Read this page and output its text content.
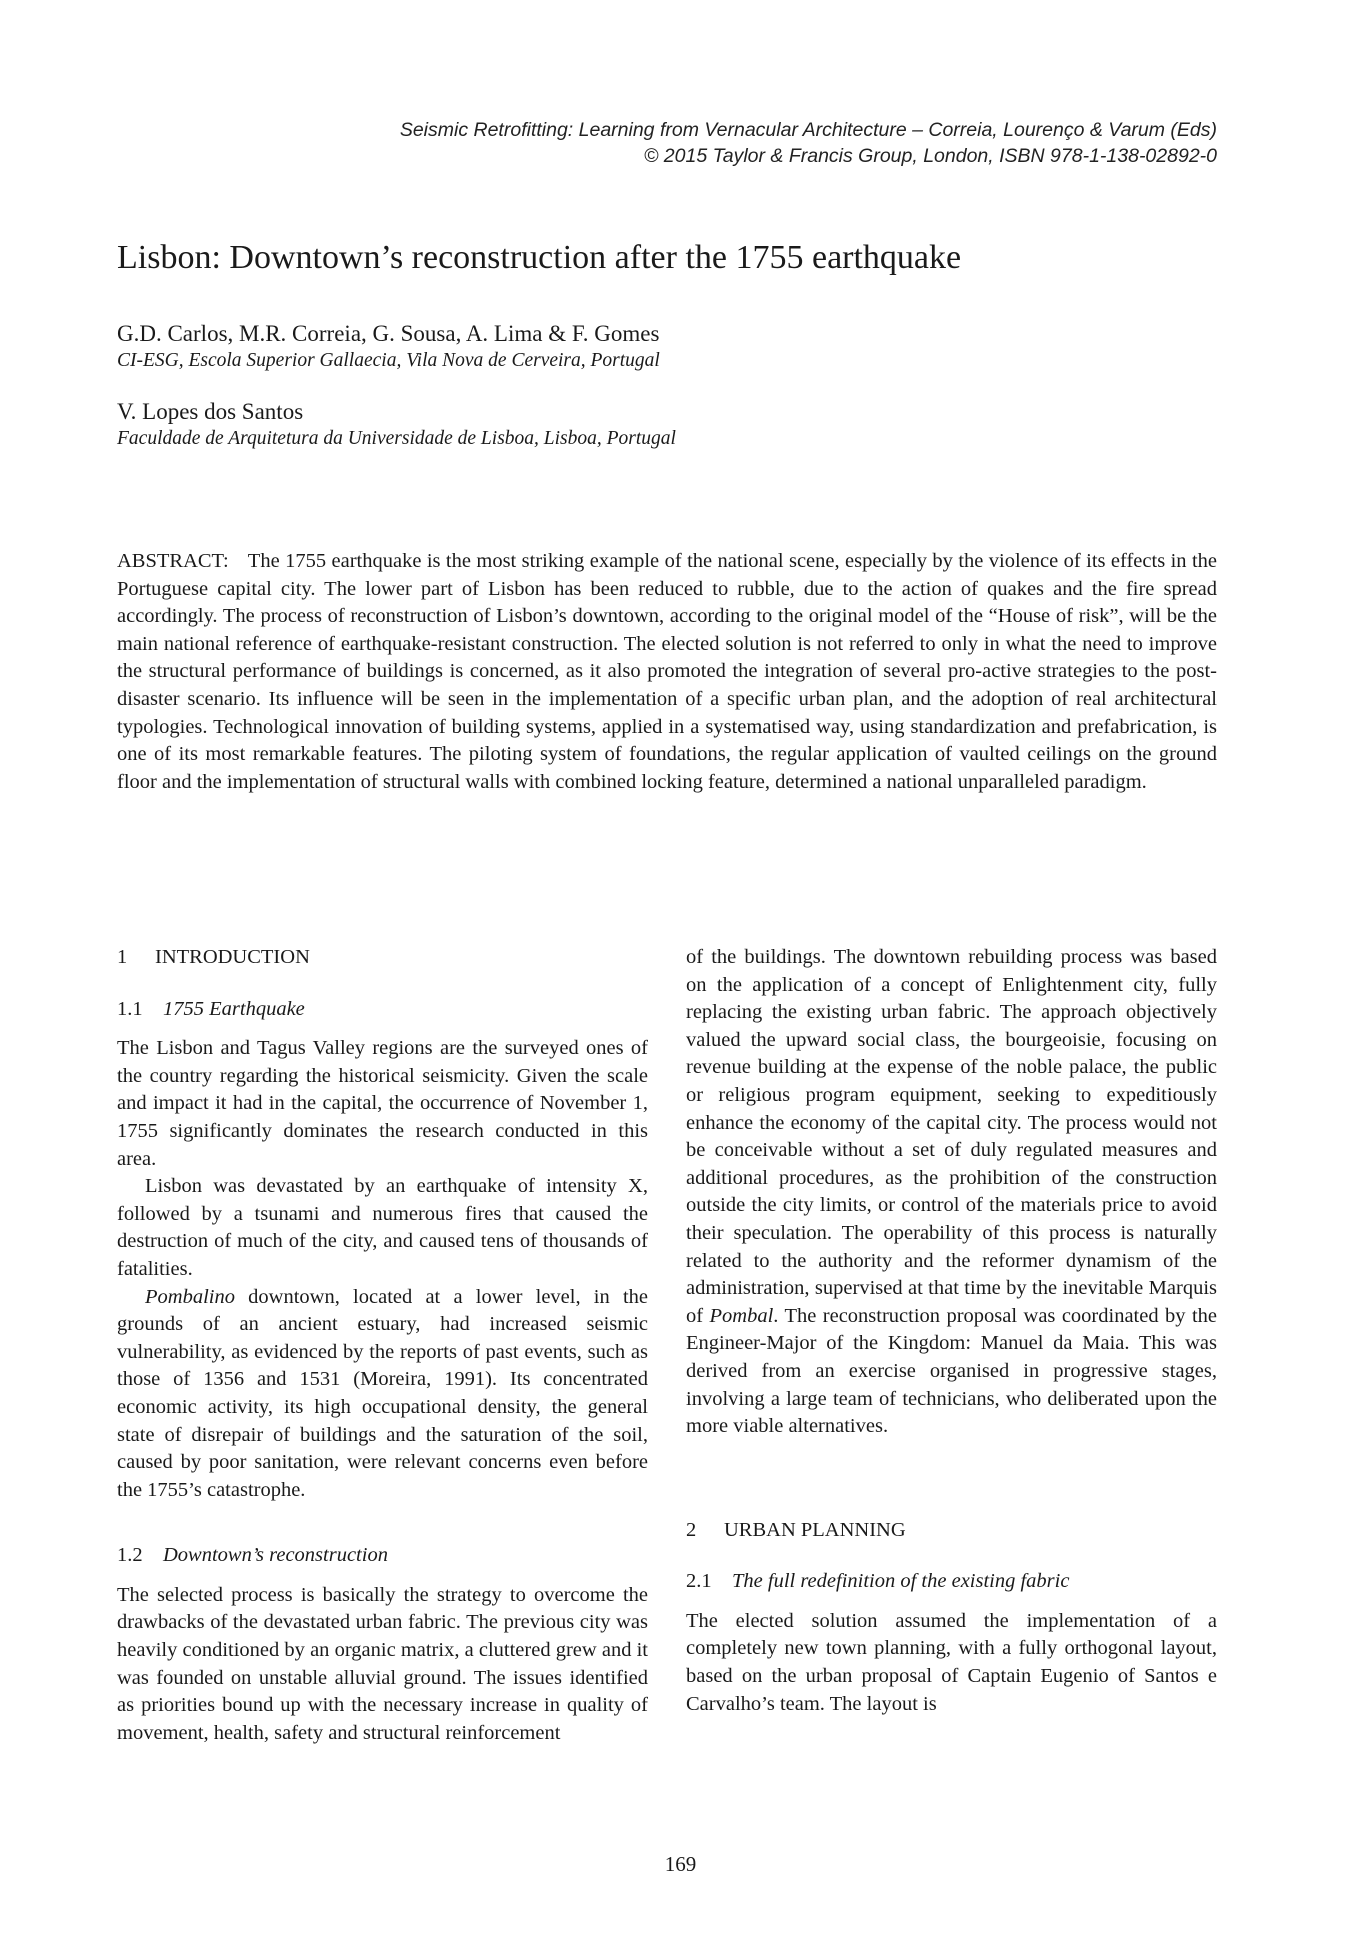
Seismic Retrofitting: Learning from Vernacular Architecture – Correia, Lourenço & Varum (Eds)
© 2015 Taylor & Francis Group, London, ISBN 978-1-138-02892-0
Lisbon: Downtown’s reconstruction after the 1755 earthquake
G.D. Carlos, M.R. Correia, G. Sousa, A. Lima & F. Gomes
CI-ESG, Escola Superior Gallaecia, Vila Nova de Cerveira, Portugal
V. Lopes dos Santos
Faculdade de Arquitetura da Universidade de Lisboa, Lisboa, Portugal
ABSTRACT: The 1755 earthquake is the most striking example of the national scene, especially by the violence of its effects in the Portuguese capital city. The lower part of Lisbon has been reduced to rubble, due to the action of quakes and the fire spread accordingly. The process of reconstruction of Lisbon’s downtown, according to the original model of the “House of risk”, will be the main national reference of earthquake-resistant construction. The elected solution is not referred to only in what the need to improve the structural performance of buildings is concerned, as it also promoted the integration of several pro-active strategies to the post-disaster scenario. Its influence will be seen in the implementation of a specific urban plan, and the adoption of real architectural typologies. Technological innovation of building systems, applied in a systematised way, using standardization and prefabrication, is one of its most remarkable features. The piloting system of foundations, the regular application of vaulted ceilings on the ground floor and the implementation of structural walls with combined locking feature, determined a national unparalleled paradigm.
1 INTRODUCTION
1.1 1755 Earthquake

The Lisbon and Tagus Valley regions are the surveyed ones of the country regarding the historical seismicity. Given the scale and impact it had in the capital, the occurrence of November 1, 1755 significantly dominates the research conducted in this area.

Lisbon was devastated by an earthquake of intensity X, followed by a tsunami and numerous fires that caused the destruction of much of the city, and caused tens of thousands of fatalities.

Pombalino downtown, located at a lower level, in the grounds of an ancient estuary, had increased seismic vulnerability, as evidenced by the reports of past events, such as those of 1356 and 1531 (Moreira, 1991). Its concentrated economic activity, its high occupational density, the general state of disrepair of buildings and the saturation of the soil, caused by poor sanitation, were relevant concerns even before the 1755’s catastrophe.

1.2 Downtown’s reconstruction

The selected process is basically the strategy to overcome the drawbacks of the devastated urban fabric. The previous city was heavily conditioned by an organic matrix, a cluttered grew and it was founded on unstable alluvial ground. The issues identified as priorities bound up with the necessary increase in quality of movement, health, safety and structural reinforcement

of the buildings. The downtown rebuilding process was based on the application of a concept of Enlightenment city, fully replacing the existing urban fabric. The approach objectively valued the upward social class, the bourgeoisie, focusing on revenue building at the expense of the noble palace, the public or religious program equipment, seeking to expeditiously enhance the economy of the capital city. The process would not be conceivable without a set of duly regulated measures and additional procedures, as the prohibition of the construction outside the city limits, or control of the materials price to avoid their speculation. The operability of this process is naturally related to the authority and the reformer dynamism of the administration, supervised at that time by the inevitable Marquis of Pombal. The reconstruction proposal was coordinated by the Engineer-Major of the Kingdom: Manuel da Maia. This was derived from an exercise organised in progressive stages, involving a large team of technicians, who deliberated upon the more viable alternatives.

2 URBAN PLANNING
2.1 The full redefinition of the existing fabric

The elected solution assumed the implementation of a completely new town planning, with a fully orthogonal layout, based on the urban proposal of Captain Eugenio of Santos e Carvalho’s team. The layout is

169
